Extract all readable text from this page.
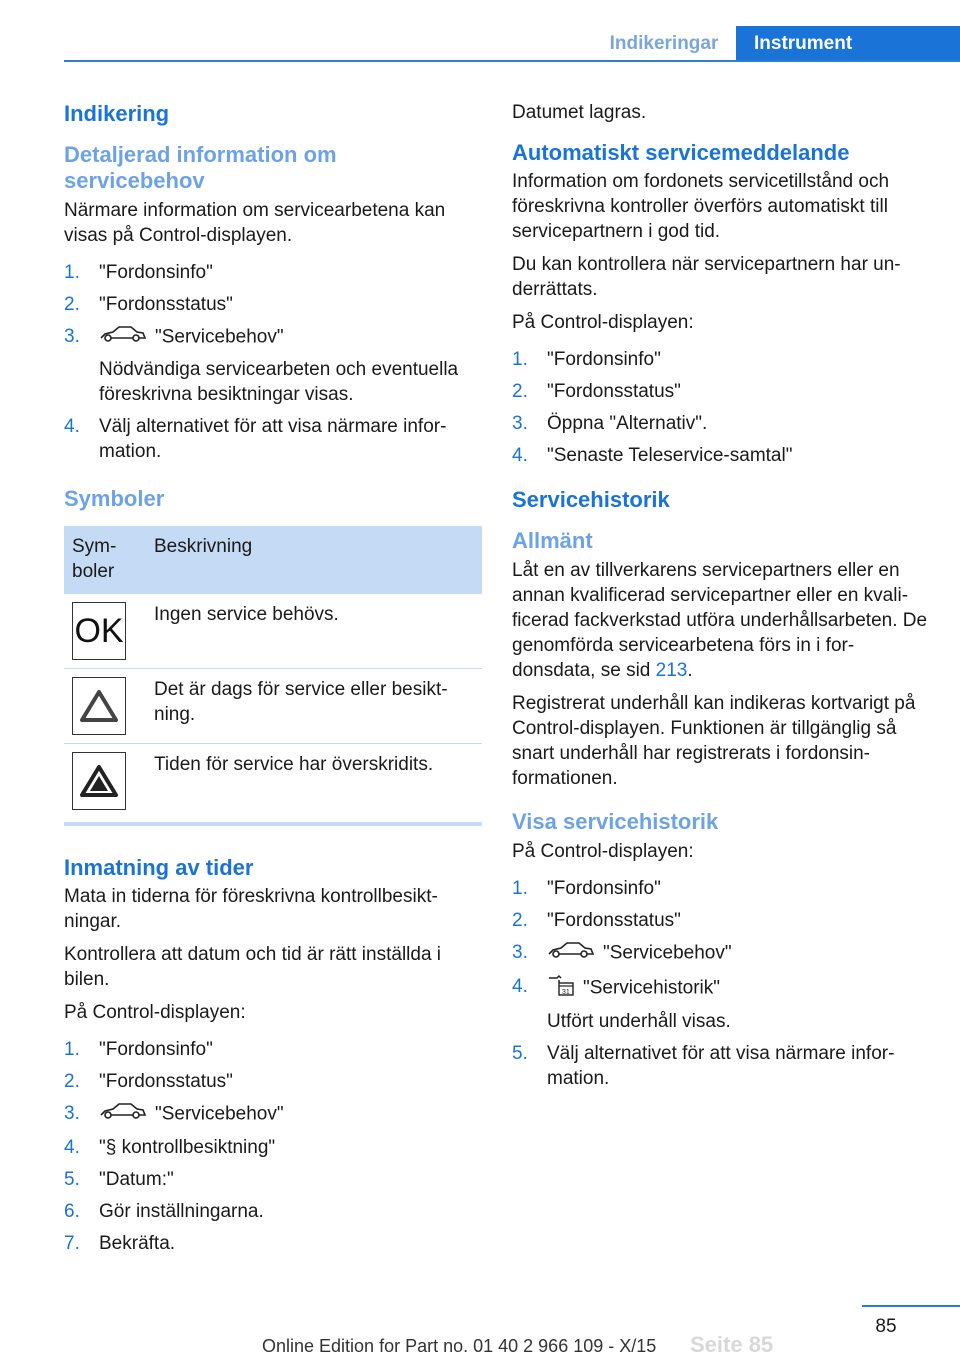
Indikeringar	Instrument
Indikering
Detaljerad information om servicebehov

Närmare information om servicearbetena kan visas på Control-displayen.

1. "Fordonsinfo"
2. "Fordonsstatus"
3.	"Servicebehov"
Nödvändiga servicearbeten och eventuella föreskrivna besiktningar visas.
4. Välj alternativet för att visa närmare infor-mation.
Symboler
Sym-boler	Beskrivning

OK	Ingen service behövs.

	Det är dags för service eller besikt-ning.

	Tiden för service har överskridits.
Inmatning av tider

Mata in tiderna för föreskrivna kontrollbesikt-ningar.

Kontrollera att datum och tid är rätt inställda i bilen.

På Control-displayen:

1. "Fordonsinfo"
2. "Fordonsstatus"
3.	"Servicebehov"
4. "§ kontrollbesiktning"
5. "Datum:"
6. Gör inställningarna.
7. Bekräfta.

Datumet lagras.

Automatiskt servicemeddelande

Information om fordonets servicetillstånd och föreskrivna kontroller överförs automatiskt till servicepartnern i god tid.

Du kan kontrollera när servicepartnern har un-derrättats.

På Control-displayen:

1. "Fordonsinfo"
2. "Fordonsstatus"
3. Öppna "Alternativ".
4. "Senaste Teleservice-samtal"
Servicehistorik
Allmänt

Låt en av tillverkarens servicepartners eller en annan kvalificerad servicepartner eller en kvali-ficerad fackverkstad utföra underhållsarbeten. De genomförda servicearbetena förs in i for-donsdata, se sid 213.

Registrerat underhåll kan indikeras kortvarigt på Control-displayen. Funktionen är tillgänglig så snart underhåll har registrerats i fordonsin-formationen.

Visa servicehistorik

På Control-displayen:

1. "Fordonsinfo"
2. "Fordonsstatus"
3.	"Servicebehov"
4.	31 "Servicehistorik"
Utfört underhåll visas.
5. Välj alternativet för att visa närmare infor-mation.
85
Seite 85
Online Edition for Part no. 01 40 2 966 109 - X/15
